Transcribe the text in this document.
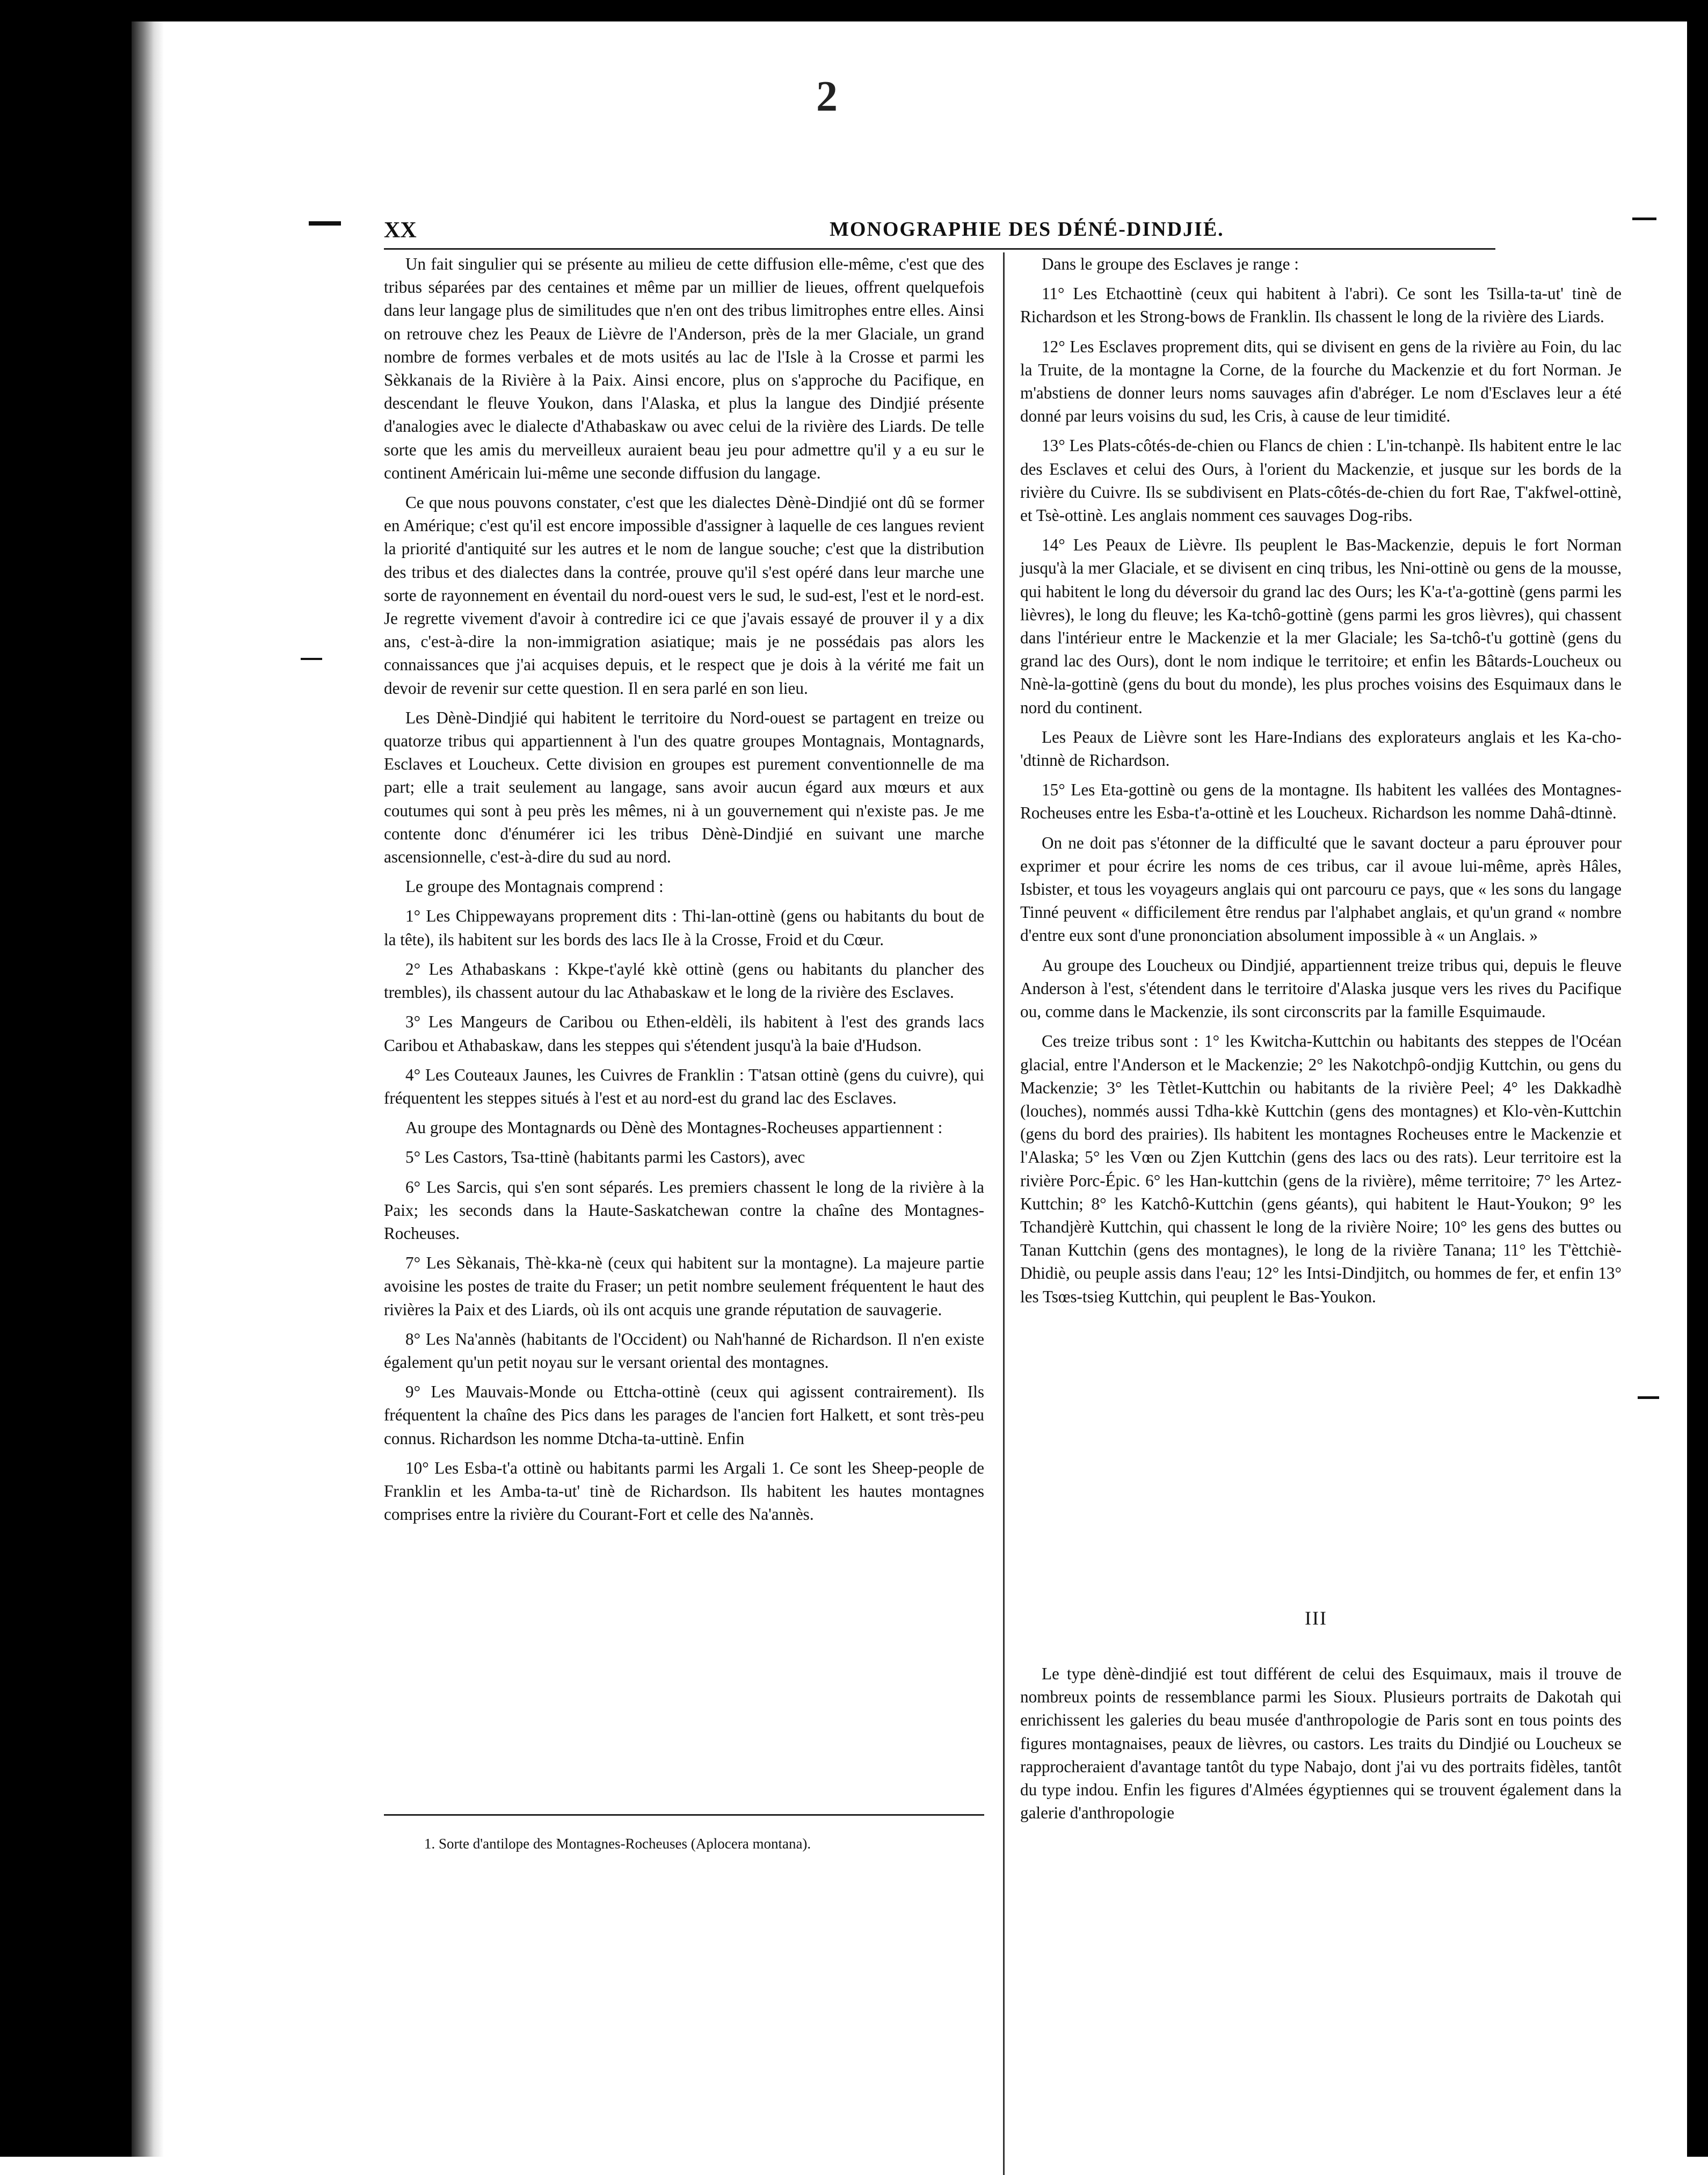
2
XX	MONOGRAPHIE DES DÉNÉ-DINDJIÉ.

Un fait singulier qui se présente au milieu de cette diffusion elle-même, c'est que des tribus séparées par des centaines et même par un millier de lieues, offrent quelquefois dans leur langage plus de similitudes que n'en ont des tribus limitrophes entre elles. Ainsi on retrouve chez les Peaux de Lièvre de l'Anderson, près de la mer Glaciale, un grand nombre de formes verbales et de mots usités au lac de l'Isle à la Crosse et parmi les Sèkkanais de la Rivière à la Paix. Ainsi encore, plus on s'approche du Pacifique, en descendant le fleuve Youkon, dans l'Alaska, et plus la langue des Dindjié présente d'analogies avec le dialecte d'Athabaskaw ou avec celui de la rivière des Liards. De telle sorte que les amis du merveilleux auraient beau jeu pour admettre qu'il y a eu sur le continent Américain lui-même une seconde diffusion du langage.

Ce que nous pouvons constater, c'est que les dialectes Dènè-Dindjié ont dû se former en Amérique; c'est qu'il est encore impossible d'assigner à laquelle de ces langues revient la priorité d'antiquité sur les autres et le nom de langue souche; c'est que la distribution des tribus et des dialectes dans la contrée, prouve qu'il s'est opéré dans leur marche une sorte de rayonnement en éventail du nord-ouest vers le sud, le sud-est, l'est et le nord-est. Je regrette vivement d'avoir à contredire ici ce que j'avais essayé de prouver il y a dix ans, c'est-à-dire la non-immigration asiatique; mais je ne possédais pas alors les connaissances que j'ai acquises depuis, et le respect que je dois à la vérité me fait un devoir de revenir sur cette question. Il en sera parlé en son lieu.

Les Dènè-Dindjié qui habitent le territoire du Nord-ouest se partagent en treize ou quatorze tribus qui appartiennent à l'un des quatre groupes Montagnais, Montagnards, Esclaves et Loucheux. Cette division en groupes est purement conventionnelle de ma part; elle a trait seulement au langage, sans avoir aucun égard aux mœurs et aux coutumes qui sont à peu près les mêmes, ni à un gouvernement qui n'existe pas. Je me contente donc d'énumérer ici les tribus Dènè-Dindjié en suivant une marche ascensionnelle, c'est-à-dire du sud au nord.

Le groupe des Montagnais comprend :

1° Les Chippewayans proprement dits : Thi-lan-ottinè (gens ou habitants du bout de la tête), ils habitent sur les bords des lacs Ile à la Crosse, Froid et du Cœur.

2° Les Athabaskans : Kkpe-t'aylé kkè ottinè (gens ou habitants du plancher des trembles), ils chassent autour du lac Athabaskaw et le long de la rivière des Esclaves.

3° Les Mangeurs de Caribou ou Ethen-eldèli, ils habitent à l'est des grands lacs Caribou et Athabaskaw, dans les steppes qui s'étendent jusqu'à la baie d'Hudson.

4° Les Couteaux Jaunes, les Cuivres de Franklin : T'atsan ottinè (gens du cuivre), qui fréquentent les steppes situés à l'est et au nord-est du grand lac des Esclaves.

Au groupe des Montagnards ou Dènè des Montagnes-Rocheuses appartiennent :

5° Les Castors, Tsa-ttinè (habitants parmi les Castors), avec

6° Les Sarcis, qui s'en sont séparés. Les premiers chassent le long de la rivière à la Paix; les seconds dans la Haute-Saskatchewan contre la chaîne des Montagnes-Rocheuses.

7° Les Sèkanais, Thè-kka-nè (ceux qui habitent sur la montagne). La majeure partie avoisine les postes de traite du Fraser; un petit nombre seulement fréquentent le haut des rivières la Paix et des Liards, où ils ont acquis une grande réputation de sauvagerie.

8° Les Na'annès (habitants de l'Occident) ou Nah'hanné de Richardson. Il n'en existe également qu'un petit noyau sur le versant oriental des montagnes.

9° Les Mauvais-Monde ou Ettcha-ottinè (ceux qui agissent contrairement). Ils fréquentent la chaîne des Pics dans les parages de l'ancien fort Halkett, et sont très-peu connus. Richardson les nomme Dtcha-ta-uttinè. Enfin

10° Les Esba-t'a ottinè ou habitants parmi les Argali 1. Ce sont les Sheep-people de Franklin et les Amba-ta-ut' tinè de Richardson. Ils habitent les hautes montagnes comprises entre la rivière du Courant-Fort et celle des Na'annès.

1. Sorte d'antilope des Montagnes-Rocheuses (Aplocera montana).

Dans le groupe des Esclaves je range :

11° Les Etchaottinè (ceux qui habitent à l'abri). Ce sont les Tsilla-ta-ut' tinè de Richardson et les Strong-bows de Franklin. Ils chassent le long de la rivière des Liards.

12° Les Esclaves proprement dits, qui se divisent en gens de la rivière au Foin, du lac la Truite, de la montagne la Corne, de la fourche du Mackenzie et du fort Norman. Je m'abstiens de donner leurs noms sauvages afin d'abréger. Le nom d'Esclaves leur a été donné par leurs voisins du sud, les Cris, à cause de leur timidité.

13° Les Plats-côtés-de-chien ou Flancs de chien : L'in-tchanpè. Ils habitent entre le lac des Esclaves et celui des Ours, à l'orient du Mackenzie, et jusque sur les bords de la rivière du Cuivre. Ils se subdivisent en Plats-côtés-de-chien du fort Rae, T'akfwel-ottinè, et Tsè-ottinè. Les anglais nomment ces sauvages Dog-ribs.

14° Les Peaux de Lièvre. Ils peuplent le Bas-Mackenzie, depuis le fort Norman jusqu'à la mer Glaciale, et se divisent en cinq tribus, les Nni-ottinè ou gens de la mousse, qui habitent le long du déversoir du grand lac des Ours; les K'a-t'a-gottinè (gens parmi les lièvres), le long du fleuve; les Ka-tchô-gottinè (gens parmi les gros lièvres), qui chassent dans l'intérieur entre le Mackenzie et la mer Glaciale; les Sa-tchô-t'u gottinè (gens du grand lac des Ours), dont le nom indique le territoire; et enfin les Bâtards-Loucheux ou Nnè-la-gottinè (gens du bout du monde), les plus proches voisins des Esquimaux dans le nord du continent.

Les Peaux de Lièvre sont les Hare-Indians des explorateurs anglais et les Ka-cho-'dtinnè de Richardson.

15° Les Eta-gottinè ou gens de la montagne. Ils habitent les vallées des Montagnes-Rocheuses entre les Esba-t'a-ottinè et les Loucheux. Richardson les nomme Dahâ-dtinnè.

On ne doit pas s'étonner de la difficulté que le savant docteur a paru éprouver pour exprimer et pour écrire les noms de ces tribus, car il avoue lui-même, après Hâles, Isbister, et tous les voyageurs anglais qui ont parcouru ce pays, que « les sons du langage Tinné peuvent « difficilement être rendus par l'alphabet anglais, et qu'un grand « nombre d'entre eux sont d'une prononciation absolument impossible à « un Anglais. »

Au groupe des Loucheux ou Dindjié, appartiennent treize tribus qui, depuis le fleuve Anderson à l'est, s'étendent dans le territoire d'Alaska jusque vers les rives du Pacifique ou, comme dans le Mackenzie, ils sont circonscrits par la famille Esquimaude.

Ces treize tribus sont : 1° les Kwitcha-Kuttchin ou habitants des steppes de l'Océan glacial, entre l'Anderson et le Mackenzie; 2° les Nakotchpô-ondjig Kuttchin, ou gens du Mackenzie; 3° les Tètlet-Kuttchin ou habitants de la rivière Peel; 4° les Dakkadhè (louches), nommés aussi Tdha-kkè Kuttchin (gens des montagnes) et Klo-vèn-Kuttchin (gens du bord des prairies). Ils habitent les montagnes Rocheuses entre le Mackenzie et l'Alaska; 5° les Vœn ou Zjen Kuttchin (gens des lacs ou des rats). Leur territoire est la rivière Porc-Épic. 6° les Han-kuttchin (gens de la rivière), même territoire; 7° les Artez-Kuttchin; 8° les Katchô-Kuttchin (gens géants), qui habitent le Haut-Youkon; 9° les Tchandjèrè Kuttchin, qui chassent le long de la rivière Noire; 10° les gens des buttes ou Tanan Kuttchin (gens des montagnes), le long de la rivière Tanana; 11° les T'èttchiè-Dhidiè, ou peuple assis dans l'eau; 12° les Intsi-Dindjitch, ou hommes de fer, et enfin 13° les Tsœs-tsieg Kuttchin, qui peuplent le Bas-Youkon.

III

Le type dènè-dindjié est tout différent de celui des Esquimaux, mais il trouve de nombreux points de ressemblance parmi les Sioux. Plusieurs portraits de Dakotah qui enrichissent les galeries du beau musée d'anthropologie de Paris sont en tous points des figures montagnaises, peaux de lièvres, ou castors. Les traits du Dindjié ou Loucheux se rapprocheraient d'avantage tantôt du type Nabajo, dont j'ai vu des portraits fidèles, tantôt du type indou. Enfin les figures d'Almées égyptiennes qui se trouvent également dans la galerie d'anthropologie
